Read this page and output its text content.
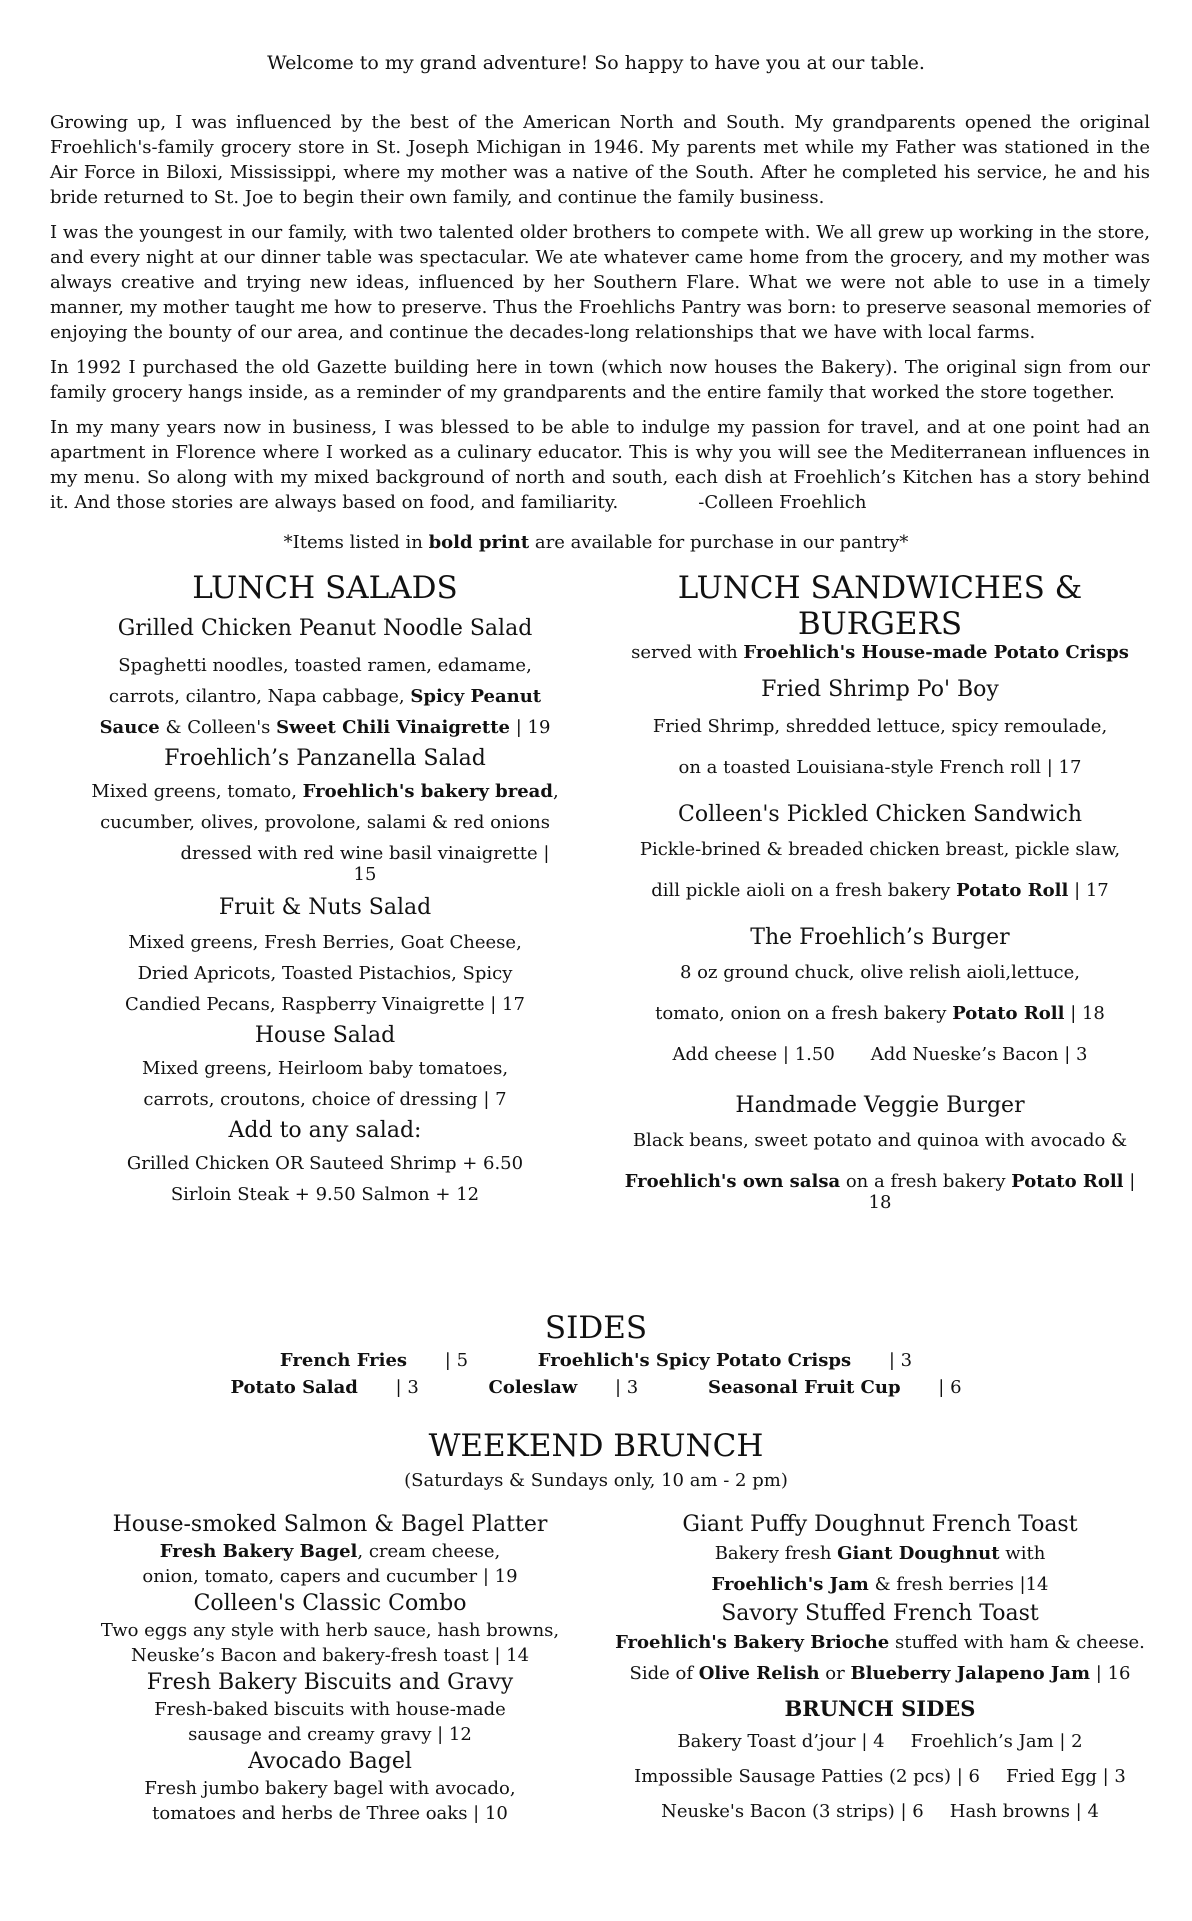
Welcome to my grand adventure! So happy to have you at our table.

Growing up, I was influenced by the best of the American North and South. My grandparents opened the original Froehlich's-family grocery store in St. Joseph Michigan in 1946. My parents met while my Father was stationed in the Air Force in Biloxi, Mississippi, where my mother was a native of the South. After he completed his service, he and his bride returned to St. Joe to begin their own family, and continue the family business.

I was the youngest in our family, with two talented older brothers to compete with. We all grew up working in the store, and every night at our dinner table was spectacular. We ate whatever came home from the grocery, and my mother was always creative and trying new ideas, influenced by her Southern Flare. What we were not able to use in a timely manner, my mother taught me how to preserve. Thus the Froehlichs Pantry was born: to preserve seasonal memories of enjoying the bounty of our area, and continue the decades-long relationships that we have with local farms.

In 1992 I purchased the old Gazette building here in town (which now houses the Bakery). The original sign from our family grocery hangs inside, as a reminder of my grandparents and the entire family that worked the store together.

In my many years now in business, I was blessed to be able to indulge my passion for travel, and at one point had an apartment in Florence where I worked as a culinary educator. This is why you will see the Mediterranean influences in my menu. So along with my mixed background of north and south, each dish at Froehlich’s Kitchen has a story behind it. And those stories are always based on food, and familiarity.	-Colleen Froehlich

*Items listed in bold print are available for purchase in our pantry*
LUNCH SALADS
Grilled Chicken Peanut Noodle Salad
Spaghetti noodles, toasted ramen, edamame,
carrots, cilantro, Napa cabbage, Spicy Peanut
Sauce & Colleen's Sweet Chili Vinaigrette | 19
Froehlich’s Panzanella Salad
Mixed greens, tomato, Froehlich's bakery bread,
cucumber, olives, provolone, salami & red onions
dressed with red wine basil vinaigrette | 15
Fruit & Nuts Salad
Mixed greens, Fresh Berries, Goat Cheese,
Dried Apricots, Toasted Pistachios, Spicy
Candied Pecans, Raspberry Vinaigrette | 17
House Salad
Mixed greens, Heirloom baby tomatoes,
carrots, croutons, choice of dressing | 7
Add to any salad:
Grilled Chicken OR Sauteed Shrimp + 6.50
Sirloin Steak + 9.50 Salmon + 12
LUNCH SANDWICHES & BURGERS
served with Froehlich's House-made Potato Crisps
Fried Shrimp Po' Boy
Fried Shrimp, shredded lettuce, spicy remoulade,
on a toasted Louisiana-style French roll | 17
Colleen's Pickled Chicken Sandwich
Pickle-brined & breaded chicken breast, pickle slaw,
dill pickle aioli on a fresh bakery Potato Roll | 17
The Froehlich’s Burger
8 oz ground chuck, olive relish aioli,lettuce,
tomato, onion on a fresh bakery Potato Roll | 18
Add cheese | 1.50 Add Nueske’s Bacon | 3
Handmade Veggie Burger
Black beans, sweet potato and quinoa with avocado &
Froehlich's own salsa on a fresh bakery Potato Roll | 18
SIDES
French Fries | 5	Froehlich's Spicy Potato Crisps | 3
Potato Salad | 3	Coleslaw | 3	Seasonal Fruit Cup | 6
WEEKEND BRUNCH
(Saturdays & Sundays only, 10 am - 2 pm)
House-smoked Salmon & Bagel Platter
Fresh Bakery Bagel, cream cheese,
onion, tomato, capers and cucumber | 19
Colleen's Classic Combo
Two eggs any style with herb sauce, hash browns,
Neuske’s Bacon and bakery-fresh toast | 14
Fresh Bakery Biscuits and Gravy
Fresh-baked biscuits with house-made
sausage and creamy gravy | 12
Avocado Bagel
Fresh jumbo bakery bagel with avocado,
tomatoes and herbs de Three oaks | 10
Giant Puffy Doughnut French Toast
Bakery fresh Giant Doughnut with
Froehlich's Jam & fresh berries |14
Savory Stuffed French Toast
Froehlich's Bakery Brioche stuffed with ham & cheese.
Side of Olive Relish or Blueberry Jalapeno Jam | 16
BRUNCH SIDES
Bakery Toast d’jour | 4 Froehlich’s Jam | 2
Impossible Sausage Patties (2 pcs) | 6 Fried Egg | 3
Neuske's Bacon (3 strips) | 6 Hash browns | 4
